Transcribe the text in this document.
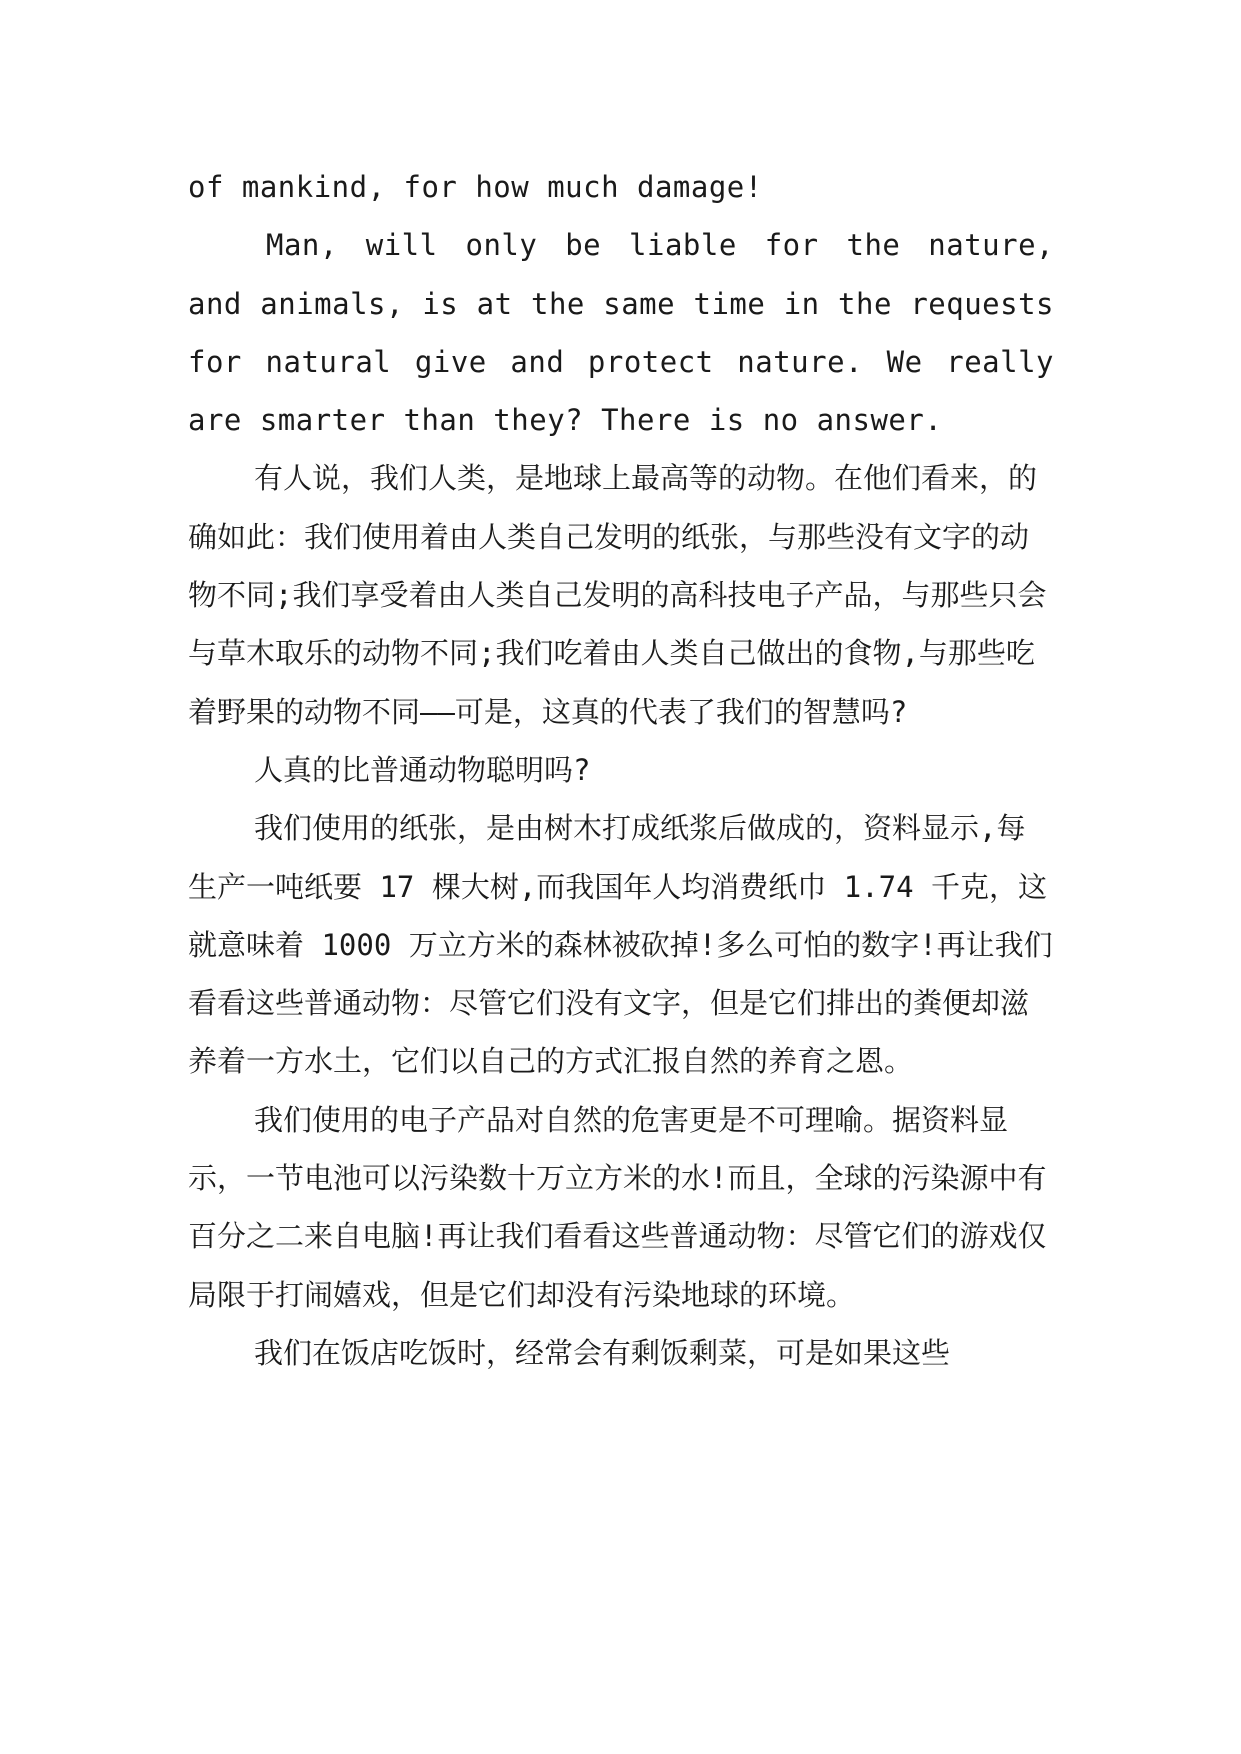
of mankind, for how much damage!

Man, will only be liable for the nature, and animals, is at the same time in the requests for natural give and protect nature. We really are smarter than they? There is no answer.

有人说，我们人类，是地球上最高等的动物。在他们看来，的确如此：我们使用着由人类自己发明的纸张，与那些没有文字的动物不同;我们享受着由人类自己发明的高科技电子产品，与那些只会与草木取乐的动物不同;我们吃着由人类自己做出的食物,与那些吃着野果的动物不同——可是，这真的代表了我们的智慧吗?

人真的比普通动物聪明吗?

我们使用的纸张，是由树木打成纸浆后做成的，资料显示,每生产一吨纸要 17 棵大树,而我国年人均消费纸巾 1.74 千克，这就意味着 1000 万立方米的森林被砍掉!多么可怕的数字!再让我们看看这些普通动物：尽管它们没有文字，但是它们排出的粪便却滋养着一方水土，它们以自己的方式汇报自然的养育之恩。

我们使用的电子产品对自然的危害更是不可理喻。据资料显示，一节电池可以污染数十万立方米的水!而且，全球的污染源中有百分之二来自电脑!再让我们看看这些普通动物：尽管它们的游戏仅局限于打闹嬉戏，但是它们却没有污染地球的环境。

我们在饭店吃饭时，经常会有剩饭剩菜，可是如果这些
